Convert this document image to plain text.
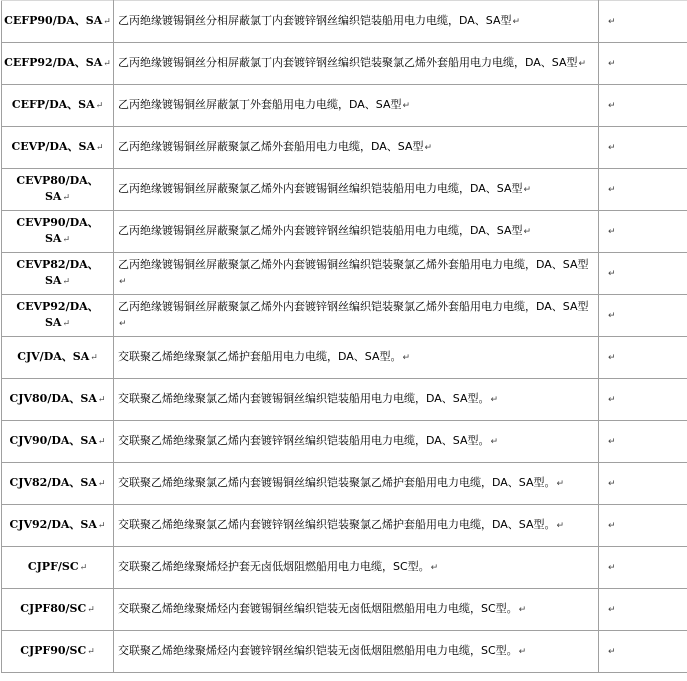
CEFP90/DA、SA↵	乙丙绝缘镀锡铜丝分相屏蔽氯丁内套镀锌钢丝编织铠装船用电力电缆，DA、SA型↵	↵
CEFP92/DA、SA↵	乙丙绝缘镀锡铜丝分相屏蔽氯丁内套镀锌钢丝编织铠装聚氯乙烯外套船用电力电缆，DA、SA型↵	↵
CEFP/DA、SA↵	乙丙绝缘镀锡铜丝屏蔽氯丁外套船用电力电缆，DA、SA型↵	↵
CEVP/DA、SA↵	乙丙绝缘镀锡铜丝屏蔽聚氯乙烯外套船用电力电缆，DA、SA型↵	↵
CEVP80/DA、SA↵	乙丙绝缘镀锡铜丝屏蔽聚氯乙烯外内套镀锡铜丝编织铠装船用电力电缆，DA、SA型↵	↵
CEVP90/DA、SA↵	乙丙绝缘镀锡铜丝屏蔽聚氯乙烯外内套镀锌钢丝编织铠装船用电力电缆，DA、SA型↵	↵
CEVP82/DA、SA↵	乙丙绝缘镀锡铜丝屏蔽聚氯乙烯外内套镀锡铜丝编织铠装聚氯乙烯外套船用电力电缆，DA、SA型↵	↵
CEVP92/DA、SA↵	乙丙绝缘镀锡铜丝屏蔽聚氯乙烯外内套镀锌钢丝编织铠装聚氯乙烯外套船用电力电缆，DA、SA型↵	↵
CJV/DA、SA↵	交联聚乙烯绝缘聚氯乙烯护套船用电力电缆，DA、SA型。↵	↵
CJV80/DA、SA↵	交联聚乙烯绝缘聚氯乙烯内套镀锡铜丝编织铠装船用电力电缆，DA、SA型。↵	↵
CJV90/DA、SA↵	交联聚乙烯绝缘聚氯乙烯内套镀锌钢丝编织铠装船用电力电缆，DA、SA型。↵	↵
CJV82/DA、SA↵	交联聚乙烯绝缘聚氯乙烯内套镀锡铜丝编织铠装聚氯乙烯护套船用电力电缆，DA、SA型。↵	↵
CJV92/DA、SA↵	交联聚乙烯绝缘聚氯乙烯内套镀锌钢丝编织铠装聚氯乙烯护套船用电力电缆，DA、SA型。↵	↵
CJPF/SC↵	交联聚乙烯绝缘聚烯烃护套无卤低烟阻燃船用电力电缆，SC型。↵	↵
CJPF80/SC↵	交联聚乙烯绝缘聚烯烃内套镀锡铜丝编织铠装无卤低烟阻燃船用电力电缆，SC型。↵	↵
CJPF90/SC↵	交联聚乙烯绝缘聚烯烃内套镀锌钢丝编织铠装无卤低烟阻燃船用电力电缆，SC型。↵	↵
